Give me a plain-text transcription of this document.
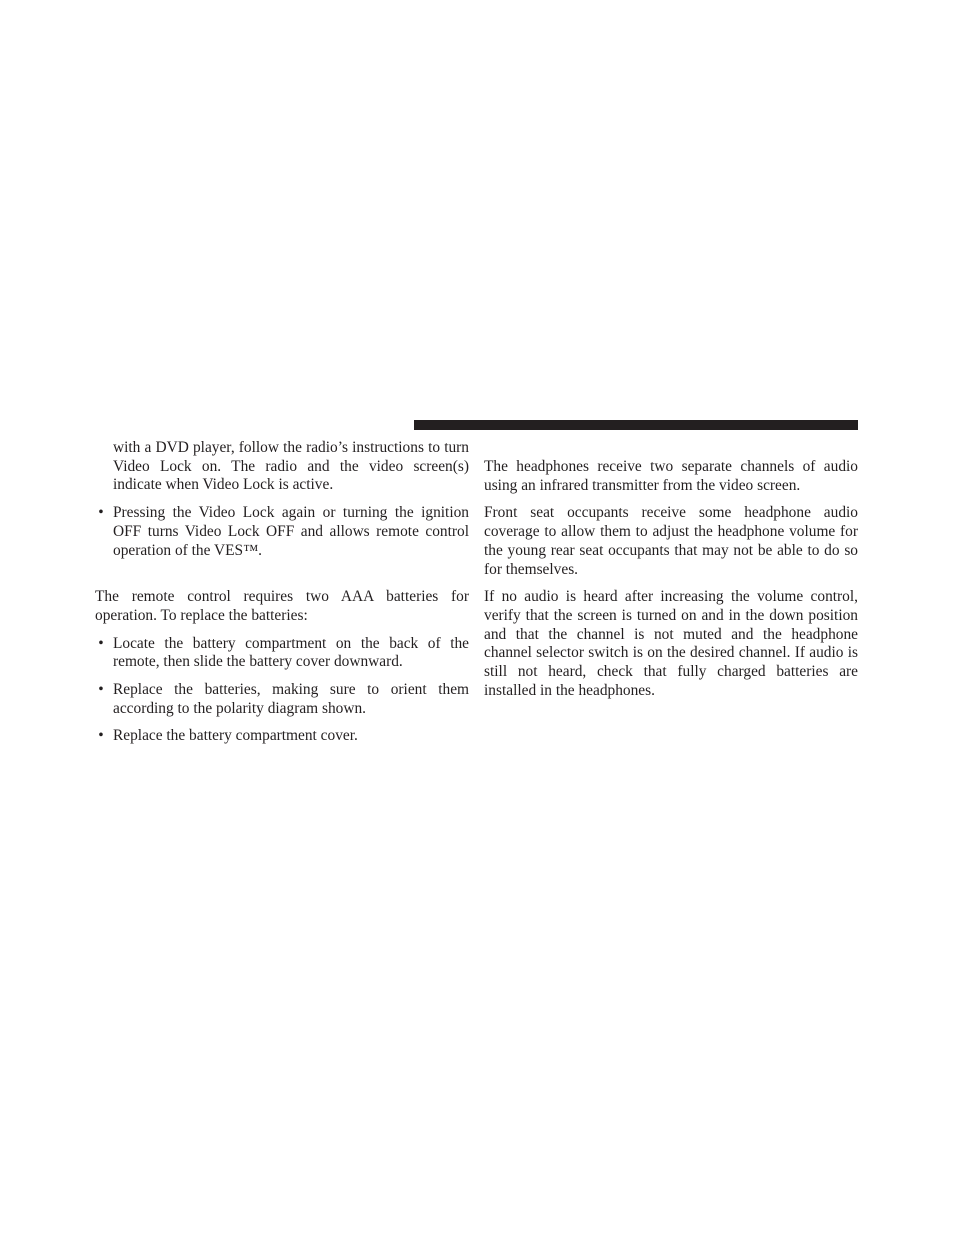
with a DVD player, follow the radio’s instructions to turn Video Lock on. The radio and the video screen(s) indicate when Video Lock is active.

• Pressing the Video Lock again or turning the ignition OFF turns Video Lock OFF and allows remote control operation of the VES™.

The remote control requires two AAA batteries for operation. To replace the batteries:

• Locate the battery compartment on the back of the remote, then slide the battery cover downward.

• Replace the batteries, making sure to orient them according to the polarity diagram shown.

• Replace the battery compartment cover.

The headphones receive two separate channels of audio using an infrared transmitter from the video screen.

Front seat occupants receive some headphone audio coverage to allow them to adjust the headphone volume for the young rear seat occupants that may not be able to do so for themselves.

If no audio is heard after increasing the volume control, verify that the screen is turned on and in the down position and that the channel is not muted and the headphone channel selector switch is on the desired channel. If audio is still not heard, check that fully charged batteries are installed in the headphones.
